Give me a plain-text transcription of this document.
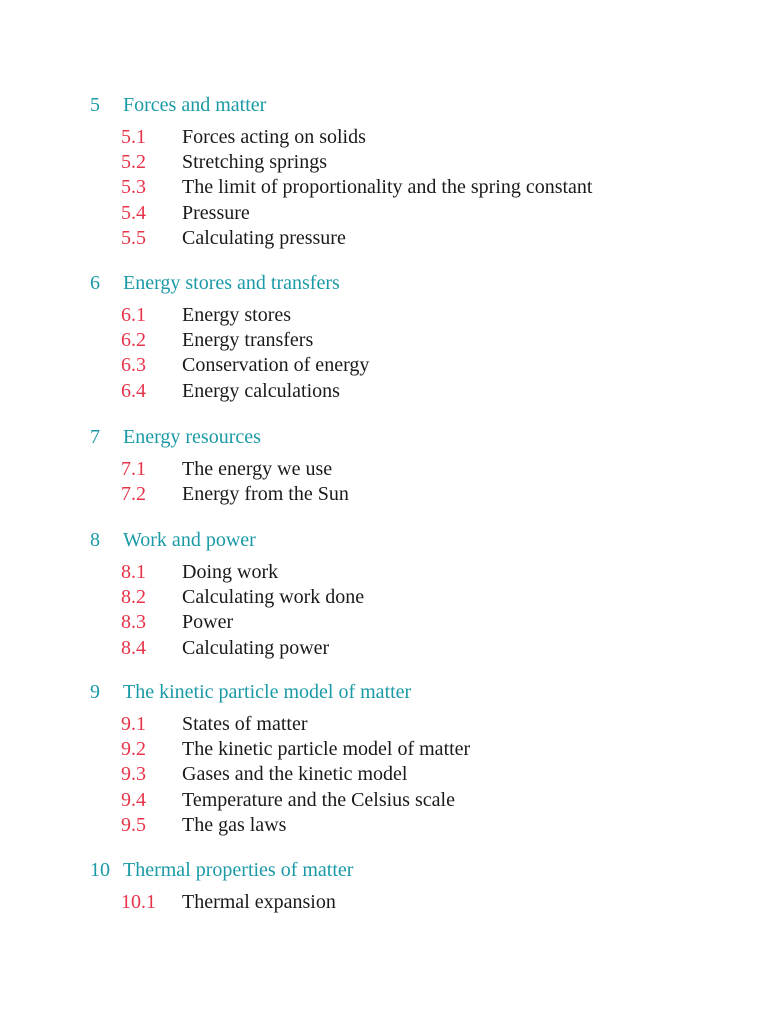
5 Forces and matter
5.1 Forces acting on solids
5.2 Stretching springs
5.3 The limit of proportionality and the spring constant
5.4 Pressure
5.5 Calculating pressure
6 Energy stores and transfers
6.1 Energy stores
6.2 Energy transfers
6.3 Conservation of energy
6.4 Energy calculations
7 Energy resources
7.1 The energy we use
7.2 Energy from the Sun
8 Work and power
8.1 Doing work
8.2 Calculating work done
8.3 Power
8.4 Calculating power
9 The kinetic particle model of matter
9.1 States of matter
9.2 The kinetic particle model of matter
9.3 Gases and the kinetic model
9.4 Temperature and the Celsius scale
9.5 The gas laws
10 Thermal properties of matter
10.1 Thermal expansion
